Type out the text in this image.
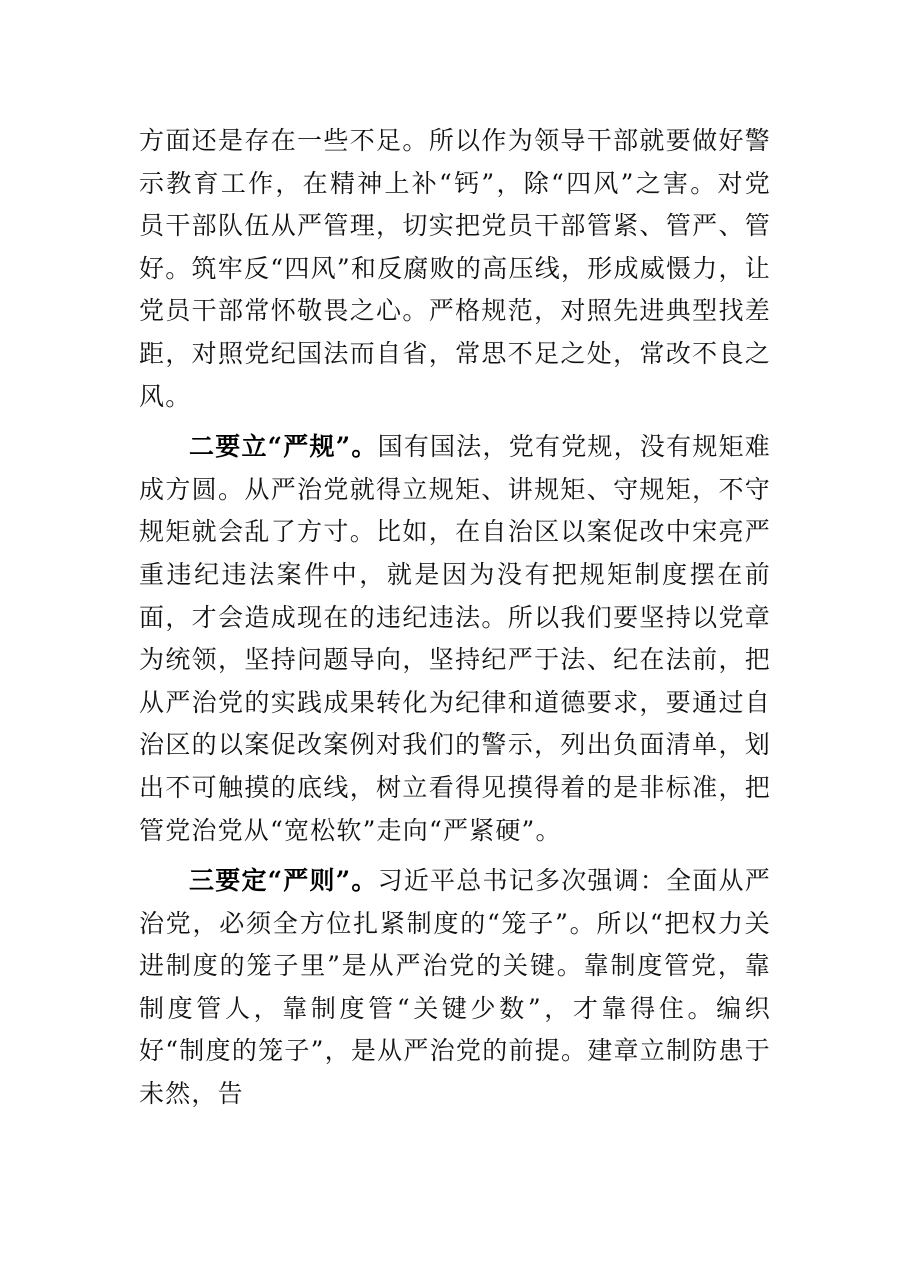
方面还是存在一些不足。所以作为领导干部就要做好警示教育工作，在精神上补“钙”，除“四风”之害。对党员干部队伍从严管理，切实把党员干部管紧、管严、管好。筑牢反“四风”和反腐败的高压线，形成威慑力，让党员干部常怀敬畏之心。严格规范，对照先进典型找差距，对照党纪国法而自省，常思不足之处，常改不良之风。

二要立“严规”。国有国法，党有党规，没有规矩难成方圆。从严治党就得立规矩、讲规矩、守规矩，不守规矩就会乱了方寸。比如，在自治区以案促改中宋亮严重违纪违法案件中，就是因为没有把规矩制度摆在前面，才会造成现在的违纪违法。所以我们要坚持以党章为统领，坚持问题导向，坚持纪严于法、纪在法前，把从严治党的实践成果转化为纪律和道德要求，要通过自治区的以案促改案例对我们的警示，列出负面清单，划出不可触摸的底线，树立看得见摸得着的是非标准，把管党治党从“宽松软”走向“严紧硬”。

三要定“严则”。习近平总书记多次强调：全面从严治党，必须全方位扎紧制度的“笼子”。所以“把权力关进制度的笼子里”是从严治党的关键。靠制度管党，靠制度管人，靠制度管“关键少数”，才靠得住。编织好“制度的笼子”，是从严治党的前提。建章立制防患于未然，告
